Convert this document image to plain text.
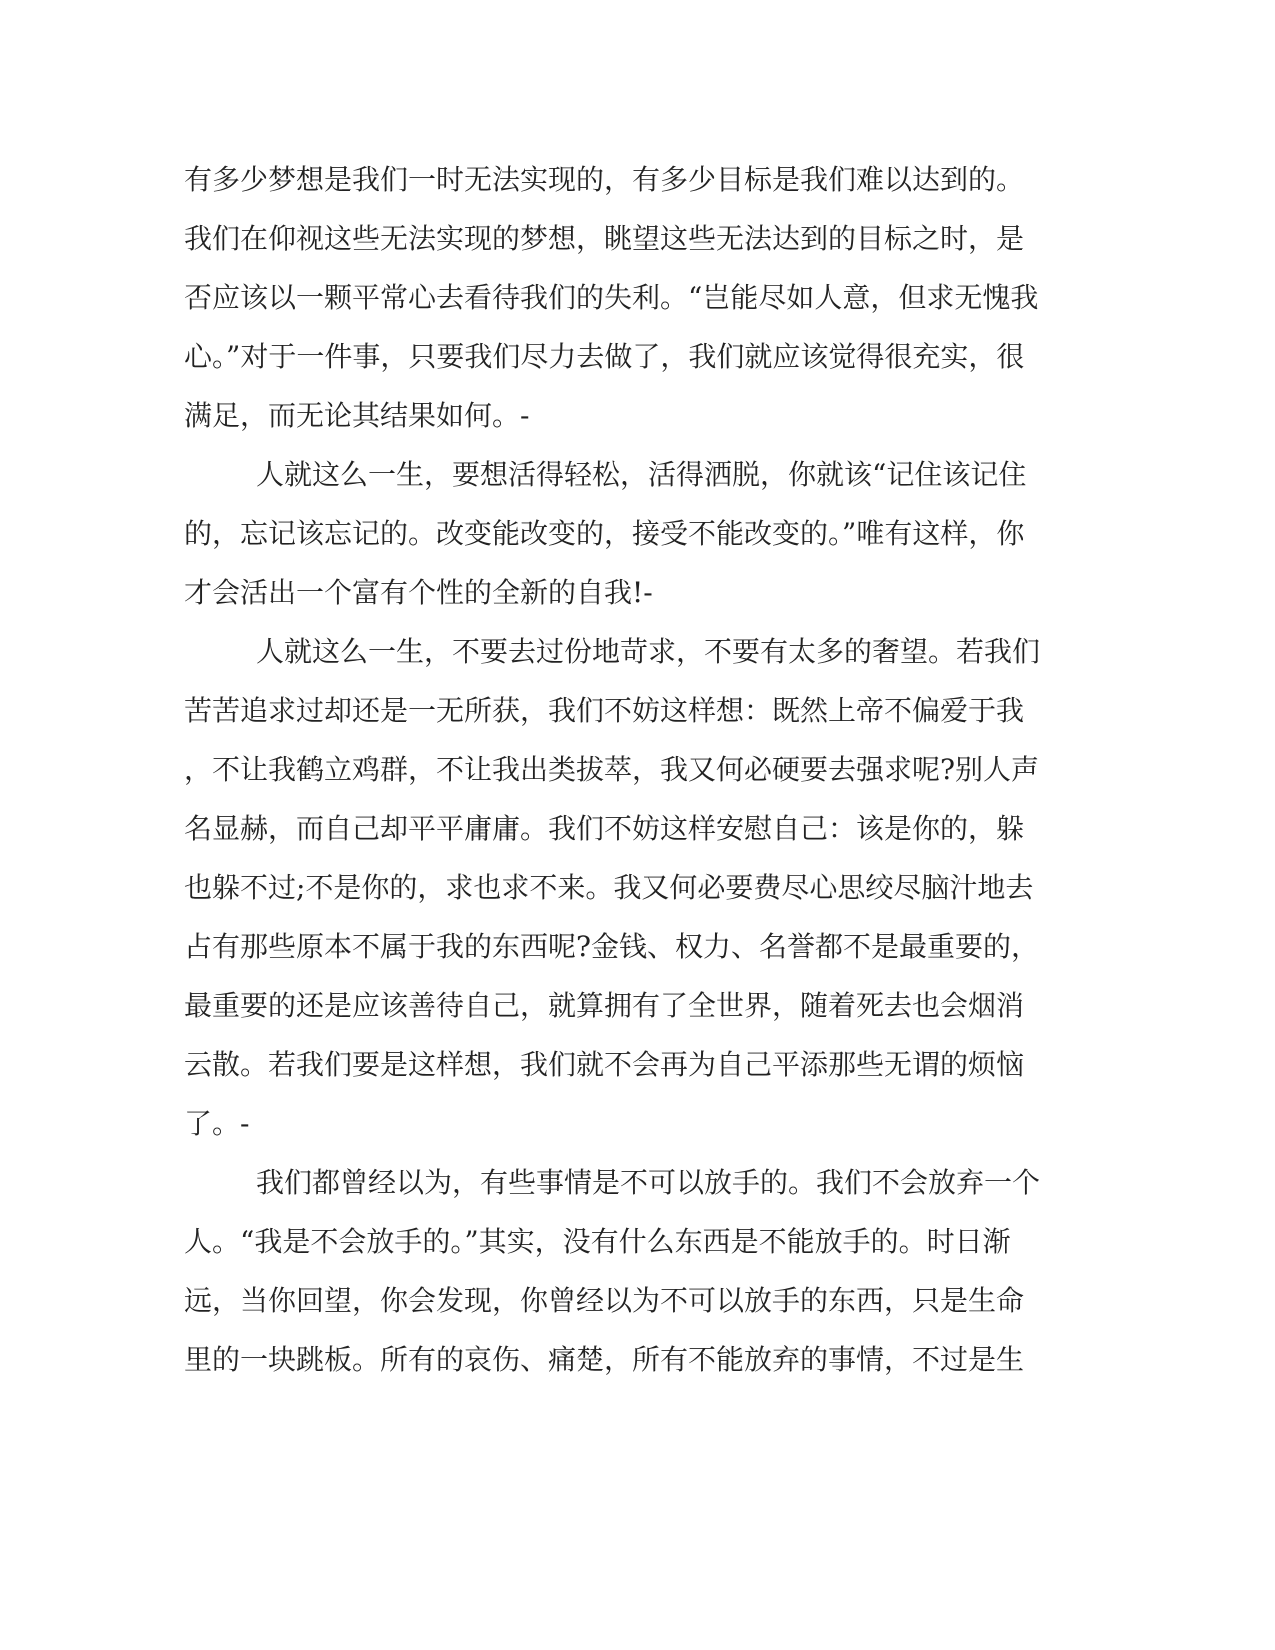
有多少梦想是我们一时无法实现的，有多少目标是我们难以达到的。
我们在仰视这些无法实现的梦想，眺望这些无法达到的目标之时，是
否应该以一颗平常心去看待我们的失利。“岂能尽如人意，但求无愧我
心。”对于一件事，只要我们尽力去做了，我们就应该觉得很充实，很
满足，而无论其结果如何。-
人就这么一生，要想活得轻松，活得洒脱，你就该“记住该记住
的，忘记该忘记的。改变能改变的，接受不能改变的。”唯有这样，你
才会活出一个富有个性的全新的自我!-
人就这么一生，不要去过份地苛求，不要有太多的奢望。若我们
苦苦追求过却还是一无所获，我们不妨这样想：既然上帝不偏爱于我
，不让我鹤立鸡群，不让我出类拔萃，我又何必硬要去强求呢?别人声
名显赫，而自己却平平庸庸。我们不妨这样安慰自己：该是你的，躲
也躲不过;不是你的，求也求不来。我又何必要费尽心思绞尽脑汁地去
占有那些原本不属于我的东西呢?金钱、权力、名誉都不是最重要的，
最重要的还是应该善待自己，就算拥有了全世界，随着死去也会烟消
云散。若我们要是这样想，我们就不会再为自己平添那些无谓的烦恼
了。-
我们都曾经以为，有些事情是不可以放手的。我们不会放弃一个
人。“我是不会放手的。”其实，没有什么东西是不能放手的。时日渐
远，当你回望，你会发现，你曾经以为不可以放手的东西，只是生命
里的一块跳板。所有的哀伤、痛楚，所有不能放弃的事情，不过是生
